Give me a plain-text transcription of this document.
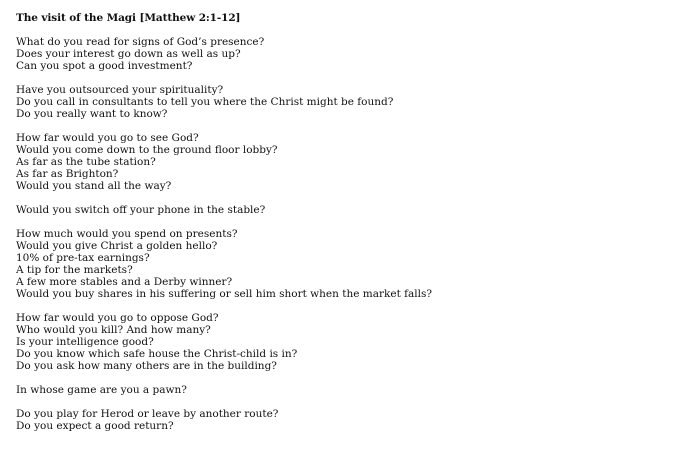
The visit of the Magi [Matthew 2:1-12]
What do you read for signs of God’s presence?
Does your interest go down as well as up?
Can you spot a good investment?
Have you outsourced your spirituality?
Do you call in consultants to tell you where the Christ might be found?
Do you really want to know?
How far would you go to see God?
Would you come down to the ground floor lobby?
As far as the tube station?
As far as Brighton?
Would you stand all the way?
Would you switch off your phone in the stable?
How much would you spend on presents?
Would you give Christ a golden hello?
10% of pre-tax earnings?
A tip for the markets?
A few more stables and a Derby winner?
Would you buy shares in his suffering or sell him short when the market falls?
How far would you go to oppose God?
Who would you kill? And how many?
Is your intelligence good?
Do you know which safe house the Christ-child is in?
Do you ask how many others are in the building?
In whose game are you a pawn?
Do you play for Herod or leave by another route?
Do you expect a good return?
